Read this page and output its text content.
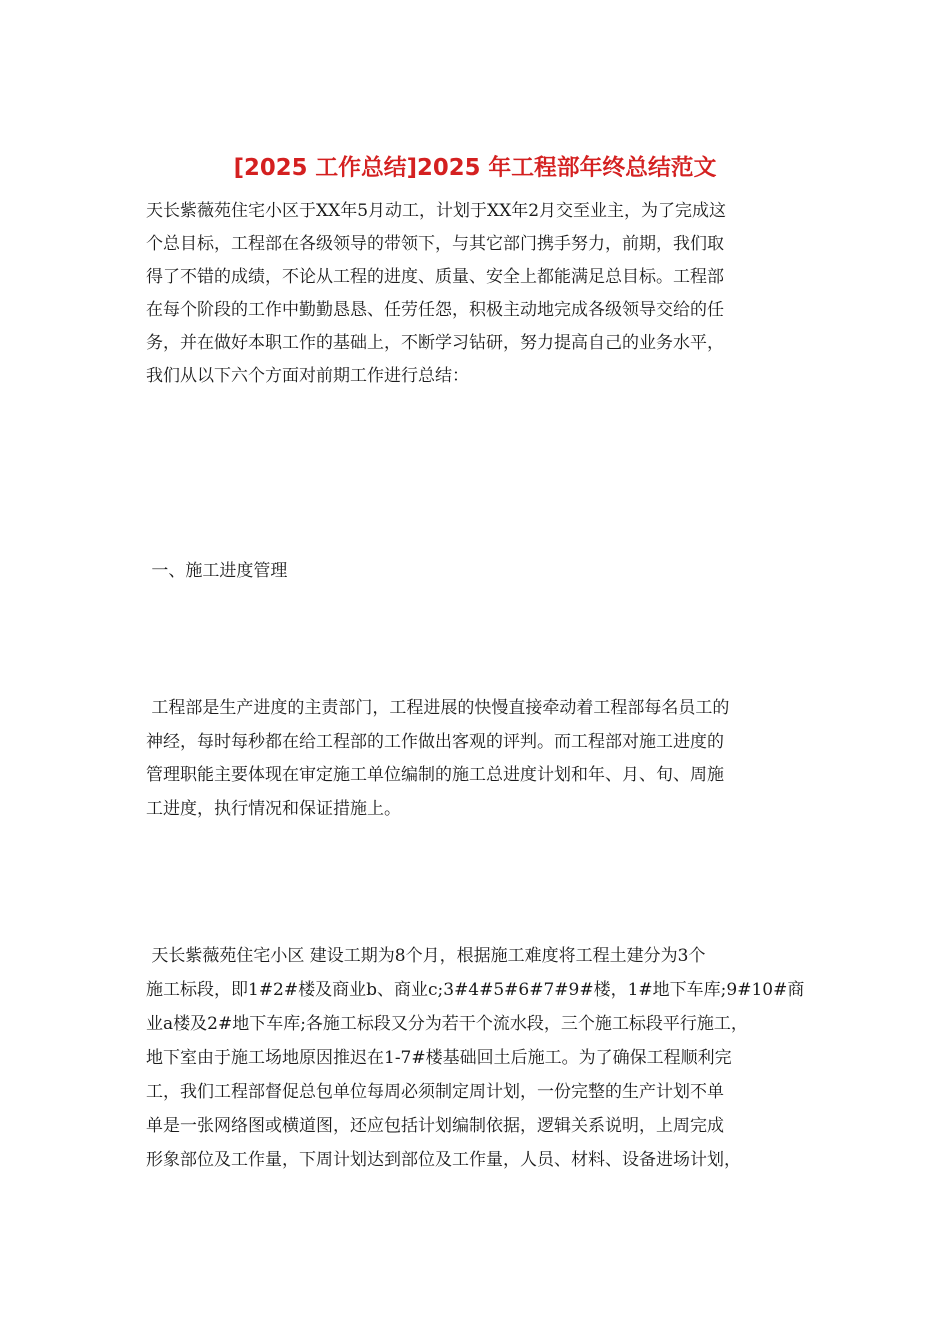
[2025 工作总结]2025 年工程部年终总结范文
天长紫薇苑住宅小区于XX年5月动工，计划于XX年2月交至业主，为了完成这
个总目标，工程部在各级领导的带领下，与其它部门携手努力，前期，我们取
得了不错的成绩，不论从工程的进度、质量、安全上都能满足总目标。工程部
在每个阶段的工作中勤勤恳恳、任劳任怨，积极主动地完成各级领导交给的任
务，并在做好本职工作的基础上，不断学习钻研，努力提高自己的业务水平，
我们从以下六个方面对前期工作进行总结：
一、施工进度管理
工程部是生产进度的主责部门，工程进展的快慢直接牵动着工程部每名员工的
神经，每时每秒都在给工程部的工作做出客观的评判。而工程部对施工进度的
管理职能主要体现在审定施工单位编制的施工总进度计划和年、月、旬、周施
工进度，执行情况和保证措施上。
天长紫薇苑住宅小区 建设工期为8个月，根据施工难度将工程土建分为3个
施工标段，即1#2#楼及商业b、商业c;3#4#5#6#7#9#楼，1#地下车库;9#10#商
业a楼及2#地下车库;各施工标段又分为若干个流水段，三个施工标段平行施工，
地下室由于施工场地原因推迟在1-7#楼基础回土后施工。为了确保工程顺利完
工，我们工程部督促总包单位每周必须制定周计划，一份完整的生产计划不单
单是一张网络图或横道图，还应包括计划编制依据，逻辑关系说明，上周完成
形象部位及工作量，下周计划达到部位及工作量，人员、材料、设备进场计划，
